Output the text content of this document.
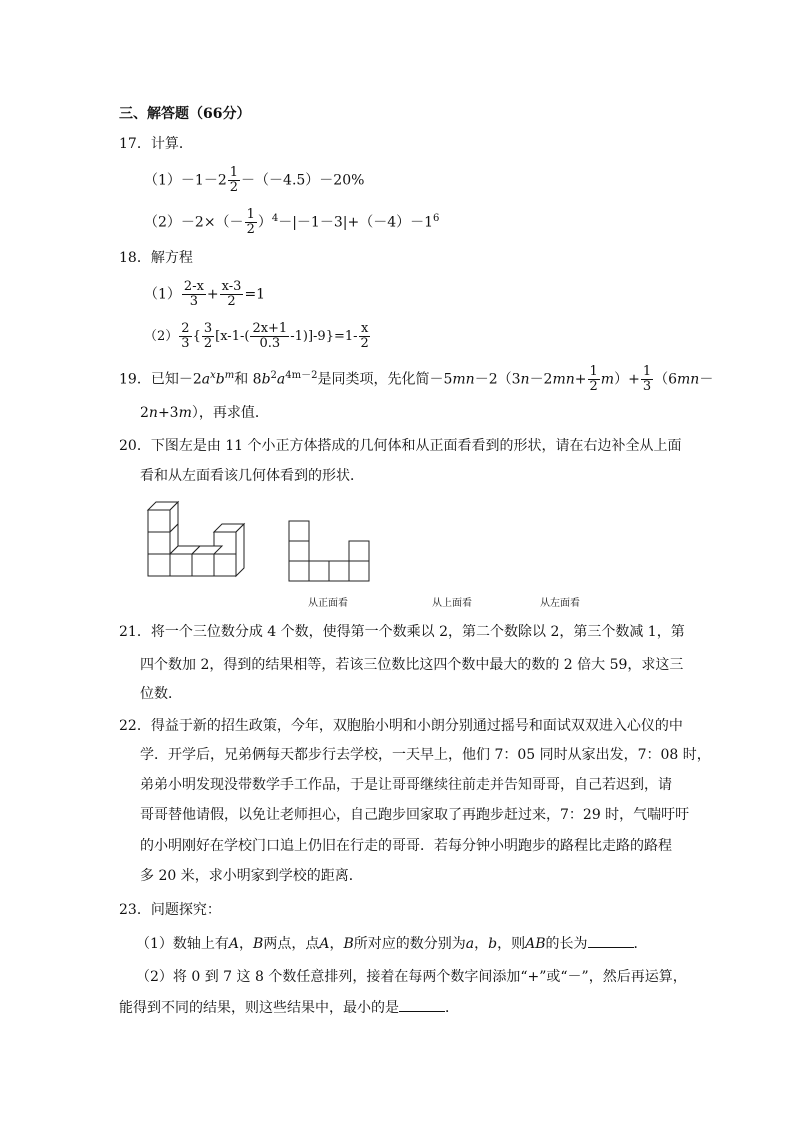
三、解答题（66分）
17．计算．
$(1)-1-2 \frac{1}{2} -(-4.5)-20\%$
$(2)-2\times(- \frac{1}{2} )^4-|-1-3|+(-4)-1^6$
18．解方程
$(1) \frac{2-x}{3} + \frac{x-3}{2} =1$
$(2) \frac{2}{3}$ { $\frac{3}{2} [x-1-( \frac{2x+1}{0.3} -1)]-9\}=1- \frac{x}{2}$
19．已知$-2a^xb^m$和 $8b^2a^{4m-2}$是同类项，先化简$-5mn-2(3n-2mn+ \frac{1}{2} m)+ \frac{1}{3} (6mn-$
2n+3m），再求值．
20．下图左是由 11 个小正方体搭成的几何体和从正面看看到的形状，请在右边补全从上面
看和从左面看该几何体看到的形状．
从正面看	从上面看	从左面看
21．将一个三位数分成 4 个数，使得第一个数乘以 2，第二个数除以 2，第三个数减 1，第
四个数加 2，得到的结果相等，若该三位数比这四个数中最大的数的 2 倍大 59，求这三
位数．
22．得益于新的招生政策，今年，双胞胎小明和小朗分别通过摇号和面试双双进入心仪的中
学．开学后，兄弟俩每天都步行去学校，一天早上，他们 7：05 同时从家出发，7：08 时，
弟弟小明发现没带数学手工作品，于是让哥哥继续往前走并告知哥哥，自己若迟到，请
哥哥替他请假，以免让老师担心，自己跑步回家取了再跑步赶过来，7：29 时，气喘吁吁
的小明刚好在学校门口追上仍旧在行走的哥哥．若每分钟小明跑步的路程比走路的路程
多 20 米，求小明家到学校的距离．
23．问题探究：
（1）数轴上有A，B两点，点A，B所对应的数分别为a，b，则AB的长为	．
（2）将 0 到 7 这 8 个数任意排列，接着在每两个数字间添加“+”或“－”，然后再运算，
能得到不同的结果，则这些结果中，最小的是	．
